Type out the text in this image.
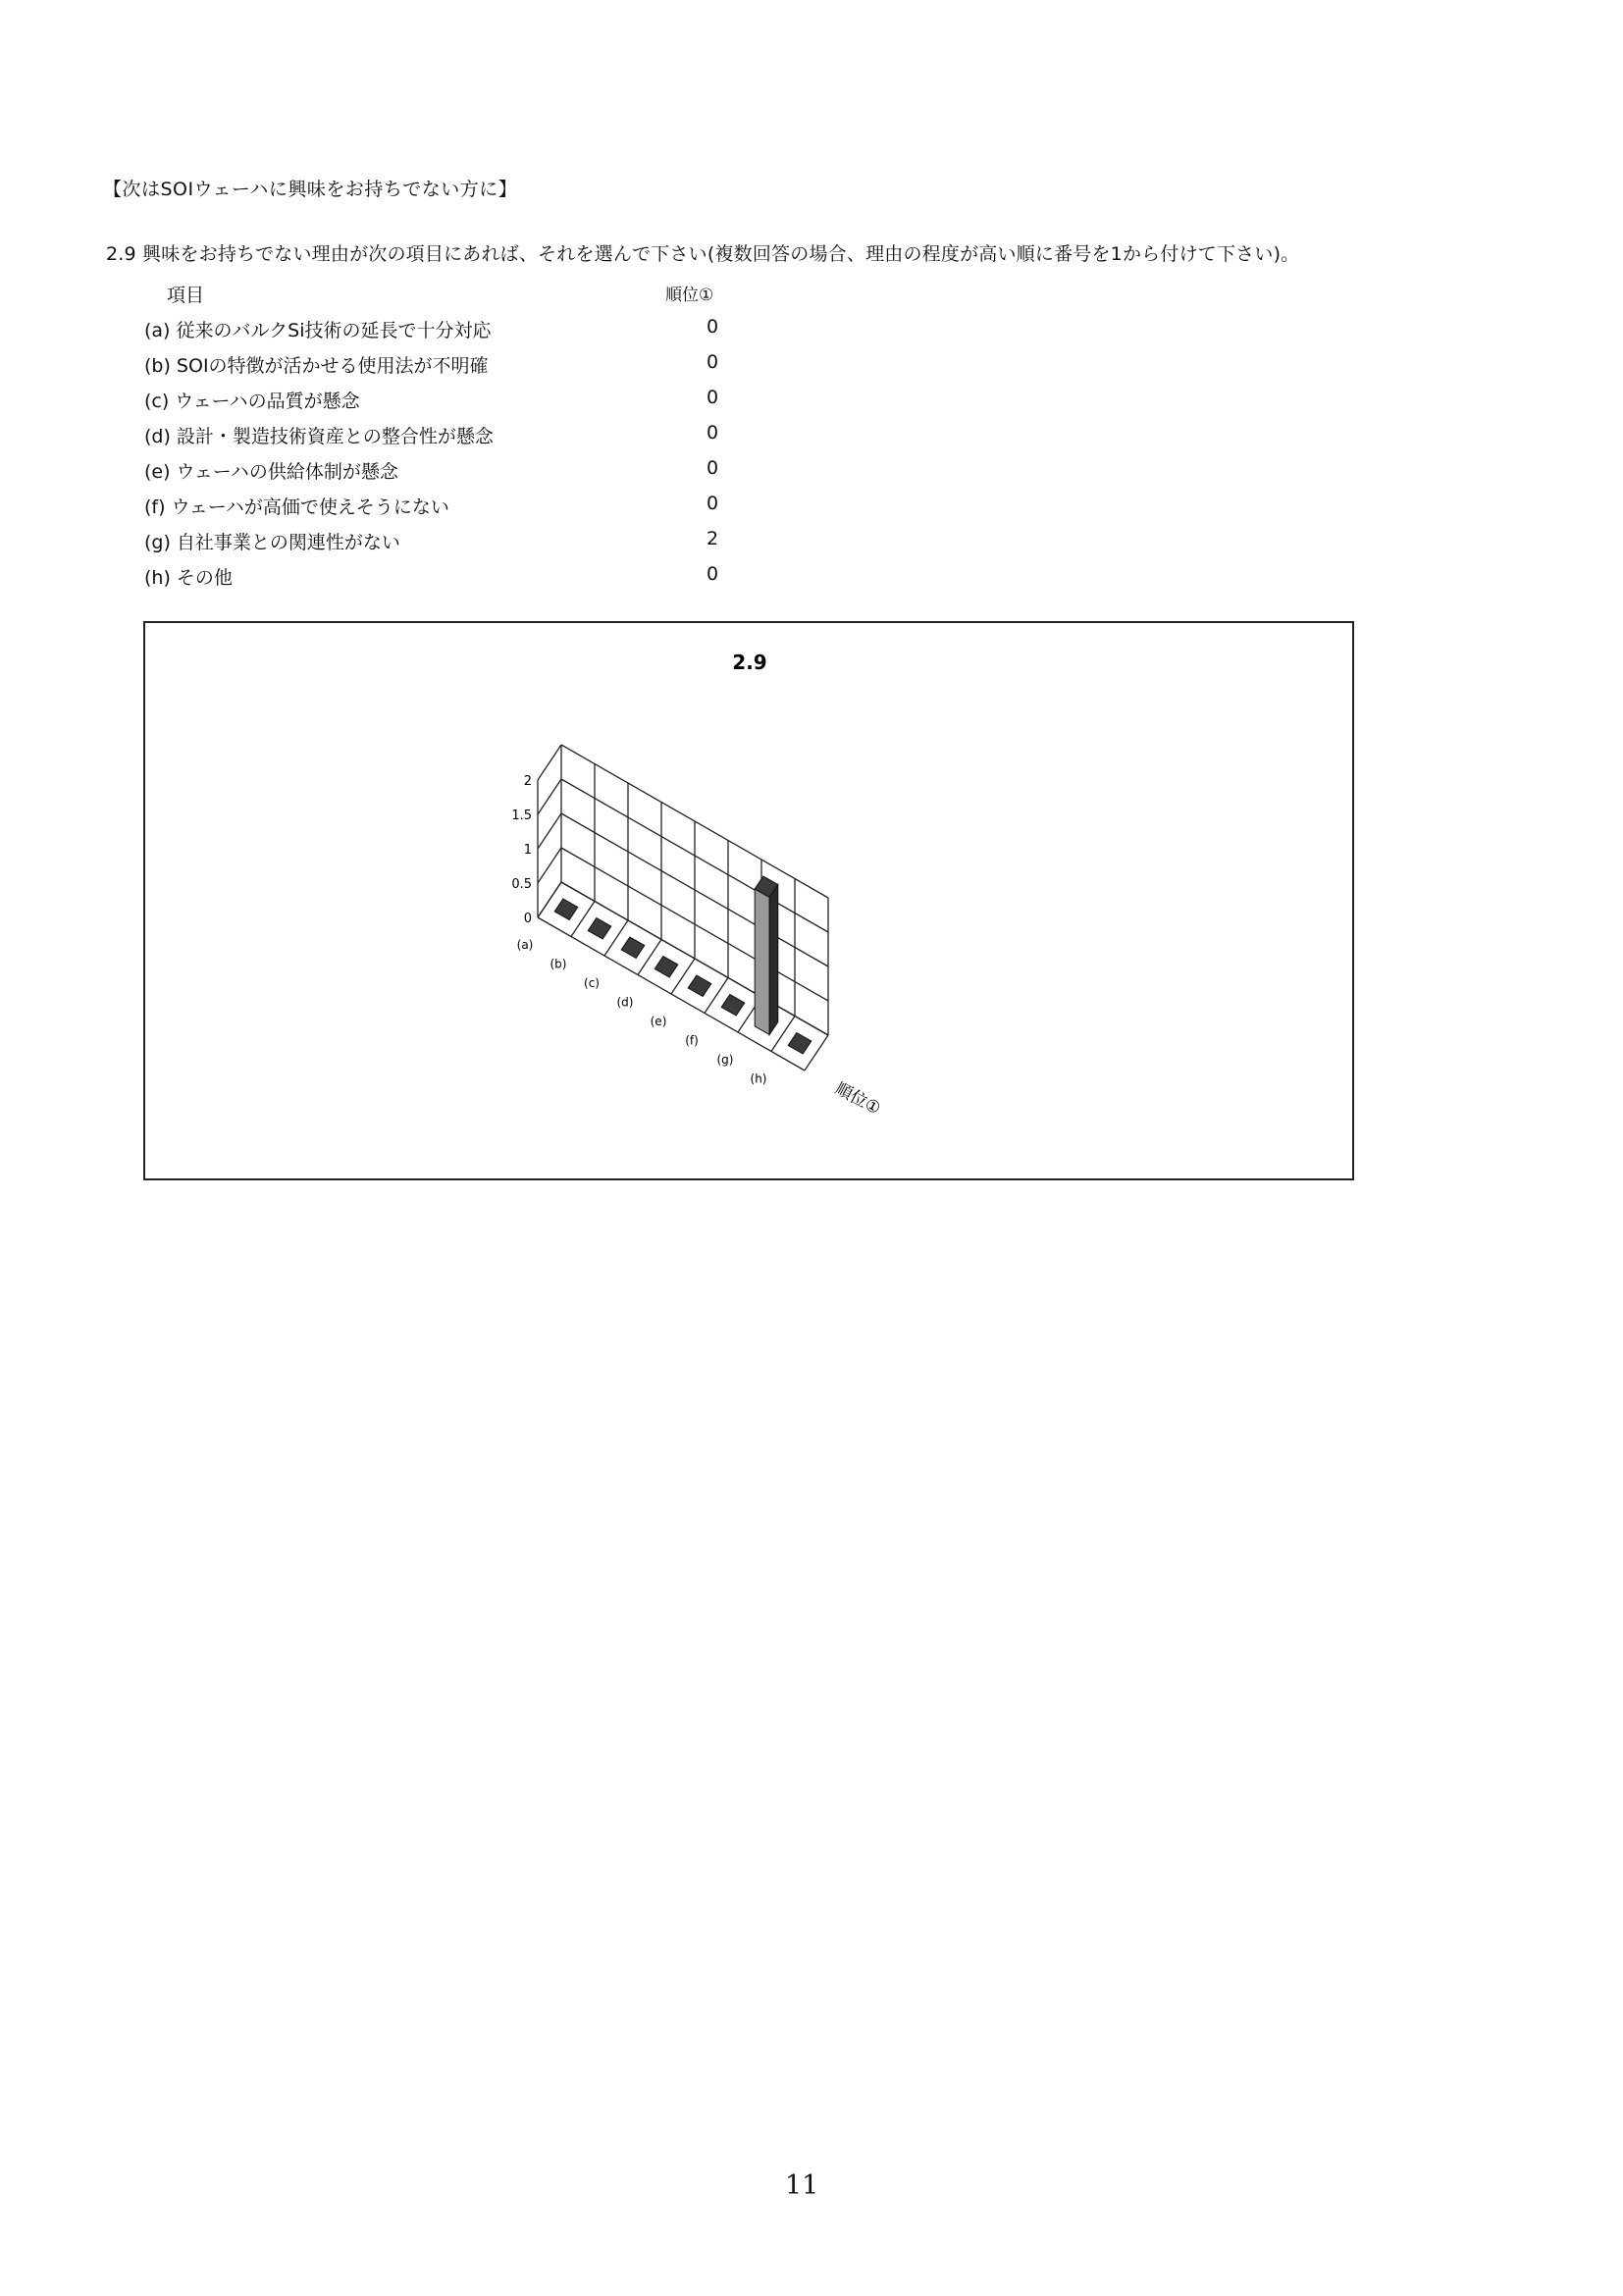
【次はSOIウェーハに興味をお持ちでない方に】
2.9 興味をお持ちでない理由が次の項目にあれば、それを選んで下さい(複数回答の場合、理由の程度が高い順に番号を1から付けて下さい)。
項目	順位①
(a) 従来のバルクSi技術の延長で十分対応	0
(b) SOIの特徴が活かせる使用法が不明確	0
(c) ウェーハの品質が懸念	0
(d) 設計・製造技術資産との整合性が懸念	0
(e) ウェーハの供給体制が懸念	0
(f) ウェーハが高価で使えそうにない	0
(g) 自社事業との関連性がない	2
(h) その他	0
2.9
0
0.5
1
1.5
2
(a)
(b)
(c)
(d)
(e)
(f)
(g)
(h)
順位①
11
